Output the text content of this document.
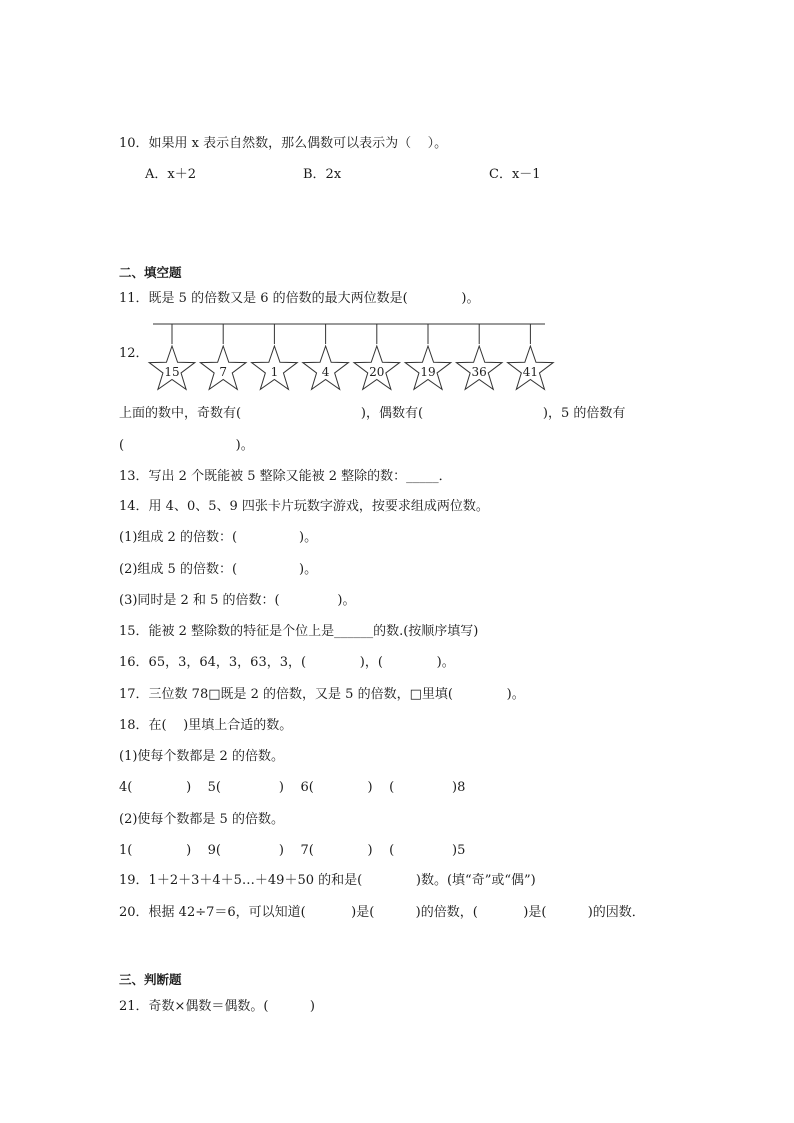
10．如果用 x 表示自然数，那么偶数可以表示为（    ）。
A．x＋2	B．2x	C．x－1
二、填空题
11．既是 5 的倍数又是 6 的倍数的最大两位数是(             )。
12．
15	7	1	4	20	19	36	41
上面的数中，奇数有(                             )，偶数有(                             )，5 的倍数有
(                           )。
13．写出 2 个既能被 5 整除又能被 2 整除的数：_____．
14．用 4、0、5、9 四张卡片玩数字游戏，按要求组成两位数。
(1)组成 2 的倍数：(               )。
(2)组成 5 的倍数：(               )。
(3)同时是 2 和 5 的倍数：(              )。
15．能被 2 整除数的特征是个位上是______的数.(按顺序填写)
16．65，3，64，3，63，3，(             )，(             )。
17．三位数 78□既是 2 的倍数，又是 5 的倍数，□里填(             )。
18．在(    )里填上合适的数。
(1)使每个数都是 2 的倍数。
4(             )    5(              )    6(             )    (              )8
(2)使每个数都是 5 的倍数。
1(             )    9(              )    7(             )    (              )5
19．1＋2＋3＋4＋5…＋49＋50 的和是(             )数。(填“奇”或“偶”)
20．根据 42÷7＝6，可以知道(           )是(          )的倍数，(           )是(          )的因数．
三、判断题
21．奇数×偶数＝偶数。(          )
